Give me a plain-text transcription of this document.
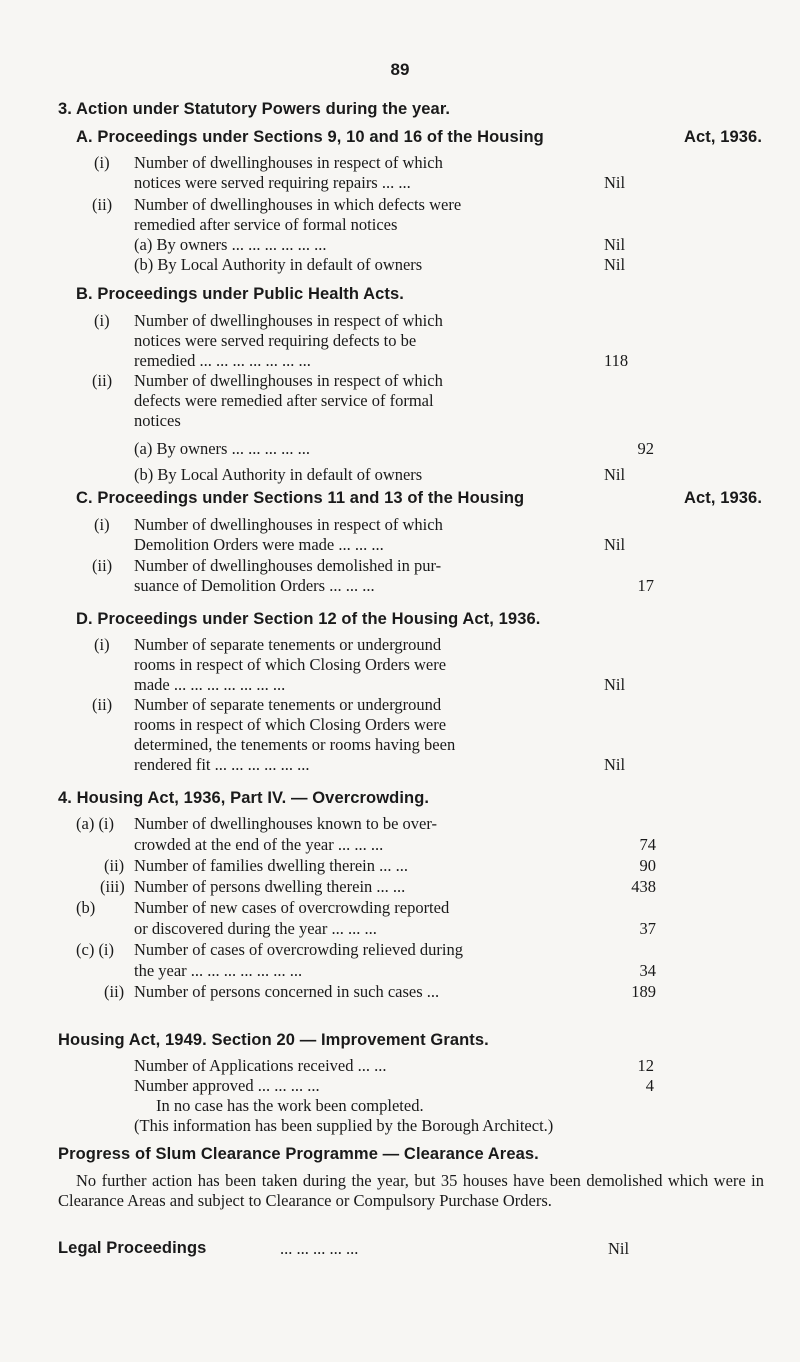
89
3. Action under Statutory Powers during the year.
A. Proceedings under Sections 9, 10 and 16 of the Housing	Act, 1936.
(i) Number of dwellinghouses in respect of which
notices were served requiring repairs ... ...	Nil
(ii) Number of dwellinghouses in which defects were
remedied after service of formal notices
(a) By owners ... ... ... ... ... ...	Nil
(b) By Local Authority in default of owners	Nil
B. Proceedings under Public Health Acts.
(i) Number of dwellinghouses in respect of which
notices were served requiring defects to be
remedied ... ... ... ... ... ... ...	118
(ii) Number of dwellinghouses in respect of which
defects were remedied after service of formal
notices
(a) By owners ... ... ... ... ...	92
(b) By Local Authority in default of owners	Nil
C. Proceedings under Sections 11 and 13 of the Housing	Act, 1936.
(i) Number of dwellinghouses in respect of which
Demolition Orders were made ... ... ...	Nil
(ii) Number of dwellinghouses demolished in pur-
suance of Demolition Orders ... ... ...	17
D. Proceedings under Section 12 of the Housing Act, 1936.
(i) Number of separate tenements or underground
rooms in respect of which Closing Orders were
made ... ... ... ... ... ... ...	Nil
(ii) Number of separate tenements or underground
rooms in respect of which Closing Orders were
determined, the tenements or rooms having been
rendered fit ... ... ... ... ... ...	Nil
4. Housing Act, 1936, Part IV. — Overcrowding.
(a) (i) Number of dwellinghouses known to be over-
crowded at the end of the year ... ... ...	74
(ii) Number of families dwelling therein ... ...	90
(iii) Number of persons dwelling therein ... ...	438
(b) Number of new cases of overcrowding reported
or discovered during the year ... ... ...	37
(c) (i) Number of cases of overcrowding relieved during
the year ... ... ... ... ... ... ...	34
(ii) Number of persons concerned in such cases ...	189
Housing Act, 1949. Section 20 — Improvement Grants.
Number of Applications received ... ...	12
Number approved ... ... ... ...	4
In no case has the work been completed.
(This information has been supplied by the Borough Architect.)
Progress of Slum Clearance Programme — Clearance Areas.
No further action has been taken during the year, but 35 houses have been demolished which were in Clearance Areas and subject to Clearance or Compulsory Purchase Orders.
Legal Proceedings	... ... ... ... ...	Nil
